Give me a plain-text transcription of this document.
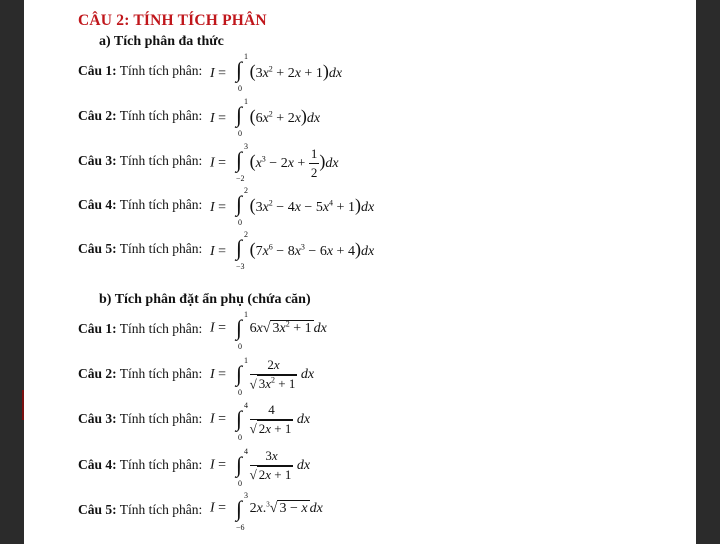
CÂU 2: TÍNH TÍCH PHÂN
a) Tích phân đa thức
Câu 1: Tính tích phân: I = ∫
1
0
$(3x^2 + 2x + 1)dx$
Câu 2: Tính tích phân: I = ∫
1
0
$(6x^2 + 2x)dx$
Câu 3: Tính tích phân: I = ∫
3
−2
$(x^3 - 2x + \frac{1}{2} )dx$
Câu 4: Tính tích phân: I = ∫
2
0
$(3x^2 - 4x - 5x^4 + 1)dx$
Câu 5: Tính tích phân: I = ∫
2
−3
$(7x^6 - 8x^3 - 6x + 4)dx$
b) Tích phân đặt ẩn phụ (chứa căn)
Câu 1: Tính tích phân: I = ∫
1
0
6x√ $3x^2 + 1$ dx
Câu 2: Tính tích phân: I = ∫
1
0
$\frac{2x}{√ 3x^2 + 1}$ dx
Câu 3: Tính tích phân: I = ∫
4
0
$\frac{4}{√ 2x + 1}$ dx
Câu 4: Tính tích phân: I = ∫
4
0
$\frac{3x}{√ 2x + 1}$ dx
Câu 5: Tính tích phân: I = ∫
3
−6
2x.$^3$√ 3 − x dx
